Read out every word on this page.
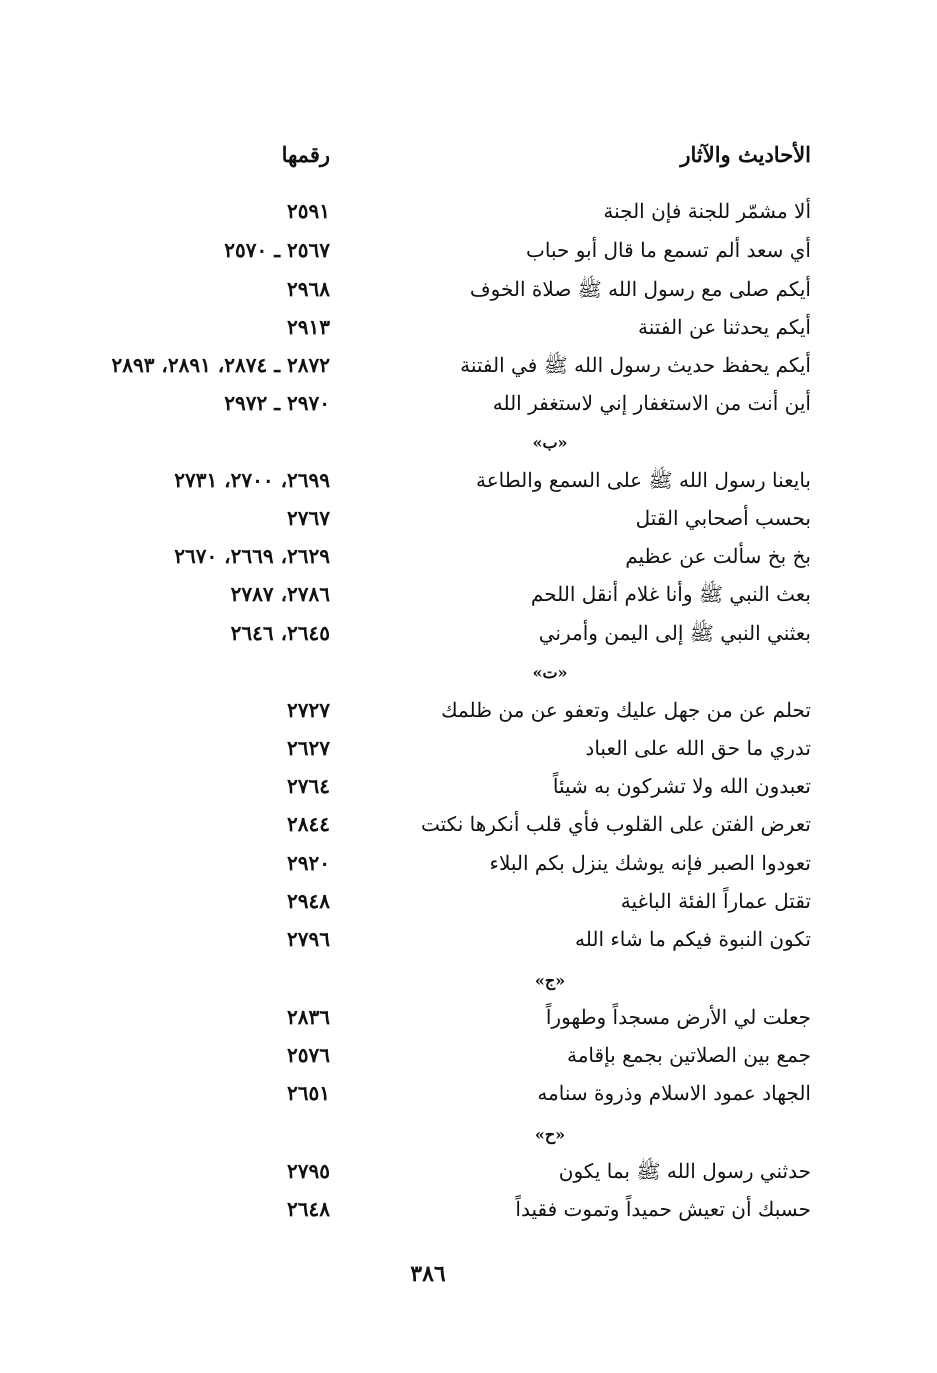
الأحاديث والآثار
رقمها
ألا مشمّر للجنة فإن الجنة
٢٥٩١
أي سعد ألم تسمع ما قال أبو حباب
٢٥٦٧ ـ ٢٥٧٠
أيكم صلى مع رسول الله ﷺ صلاة الخوف
٢٩٦٨
أيكم يحدثنا عن الفتنة
٢٩١٣
أيكم يحفظ حديث رسول الله ﷺ في الفتنة
٢٨٧٢ ـ ٢٨٧٤، ٢٨٩١، ٢٨٩٣
أين أنت من الاستغفار إني لاستغفر الله
٢٩٧٠ ـ ٢٩٧٢
«ب»
بايعنا رسول الله ﷺ على السمع والطاعة
٢٦٩٩، ٢٧٠٠، ٢٧٣١
بحسب أصحابي القتل
٢٧٦٧
بخ بخ سألت عن عظيم
٢٦٢٩، ٢٦٦٩، ٢٦٧٠
بعث النبي ﷺ وأنا غلام أنقل اللحم
٢٧٨٦، ٢٧٨٧
بعثني النبي ﷺ إلى اليمن وأمرني
٢٦٤٥، ٢٦٤٦
«ت»
تحلم عن من جهل عليك وتعفو عن من ظلمك
٢٧٢٧
تدري ما حق الله على العباد
٢٦٢٧
تعبدون الله ولا تشركون به شيئاً
٢٧٦٤
تعرض الفتن على القلوب فأي قلب أنكرها نكتت
٢٨٤٤
تعودوا الصبر فإنه يوشك ينزل بكم البلاء
٢٩٢٠
تقتل عماراً الفئة الباغية
٢٩٤٨
تكون النبوة فيكم ما شاء الله
٢٧٩٦
«ج»
جعلت لي الأرض مسجداً وطهوراً
٢٨٣٦
جمع بين الصلاتين بجمع بإقامة
٢٥٧٦
الجهاد عمود الاسلام وذروة سنامه
٢٦٥١
«ح»
حدثني رسول الله ﷺ بما يكون
٢٧٩٥
حسبك أن تعيش حميداً وتموت فقيداً
٢٦٤٨
٣٨٦
